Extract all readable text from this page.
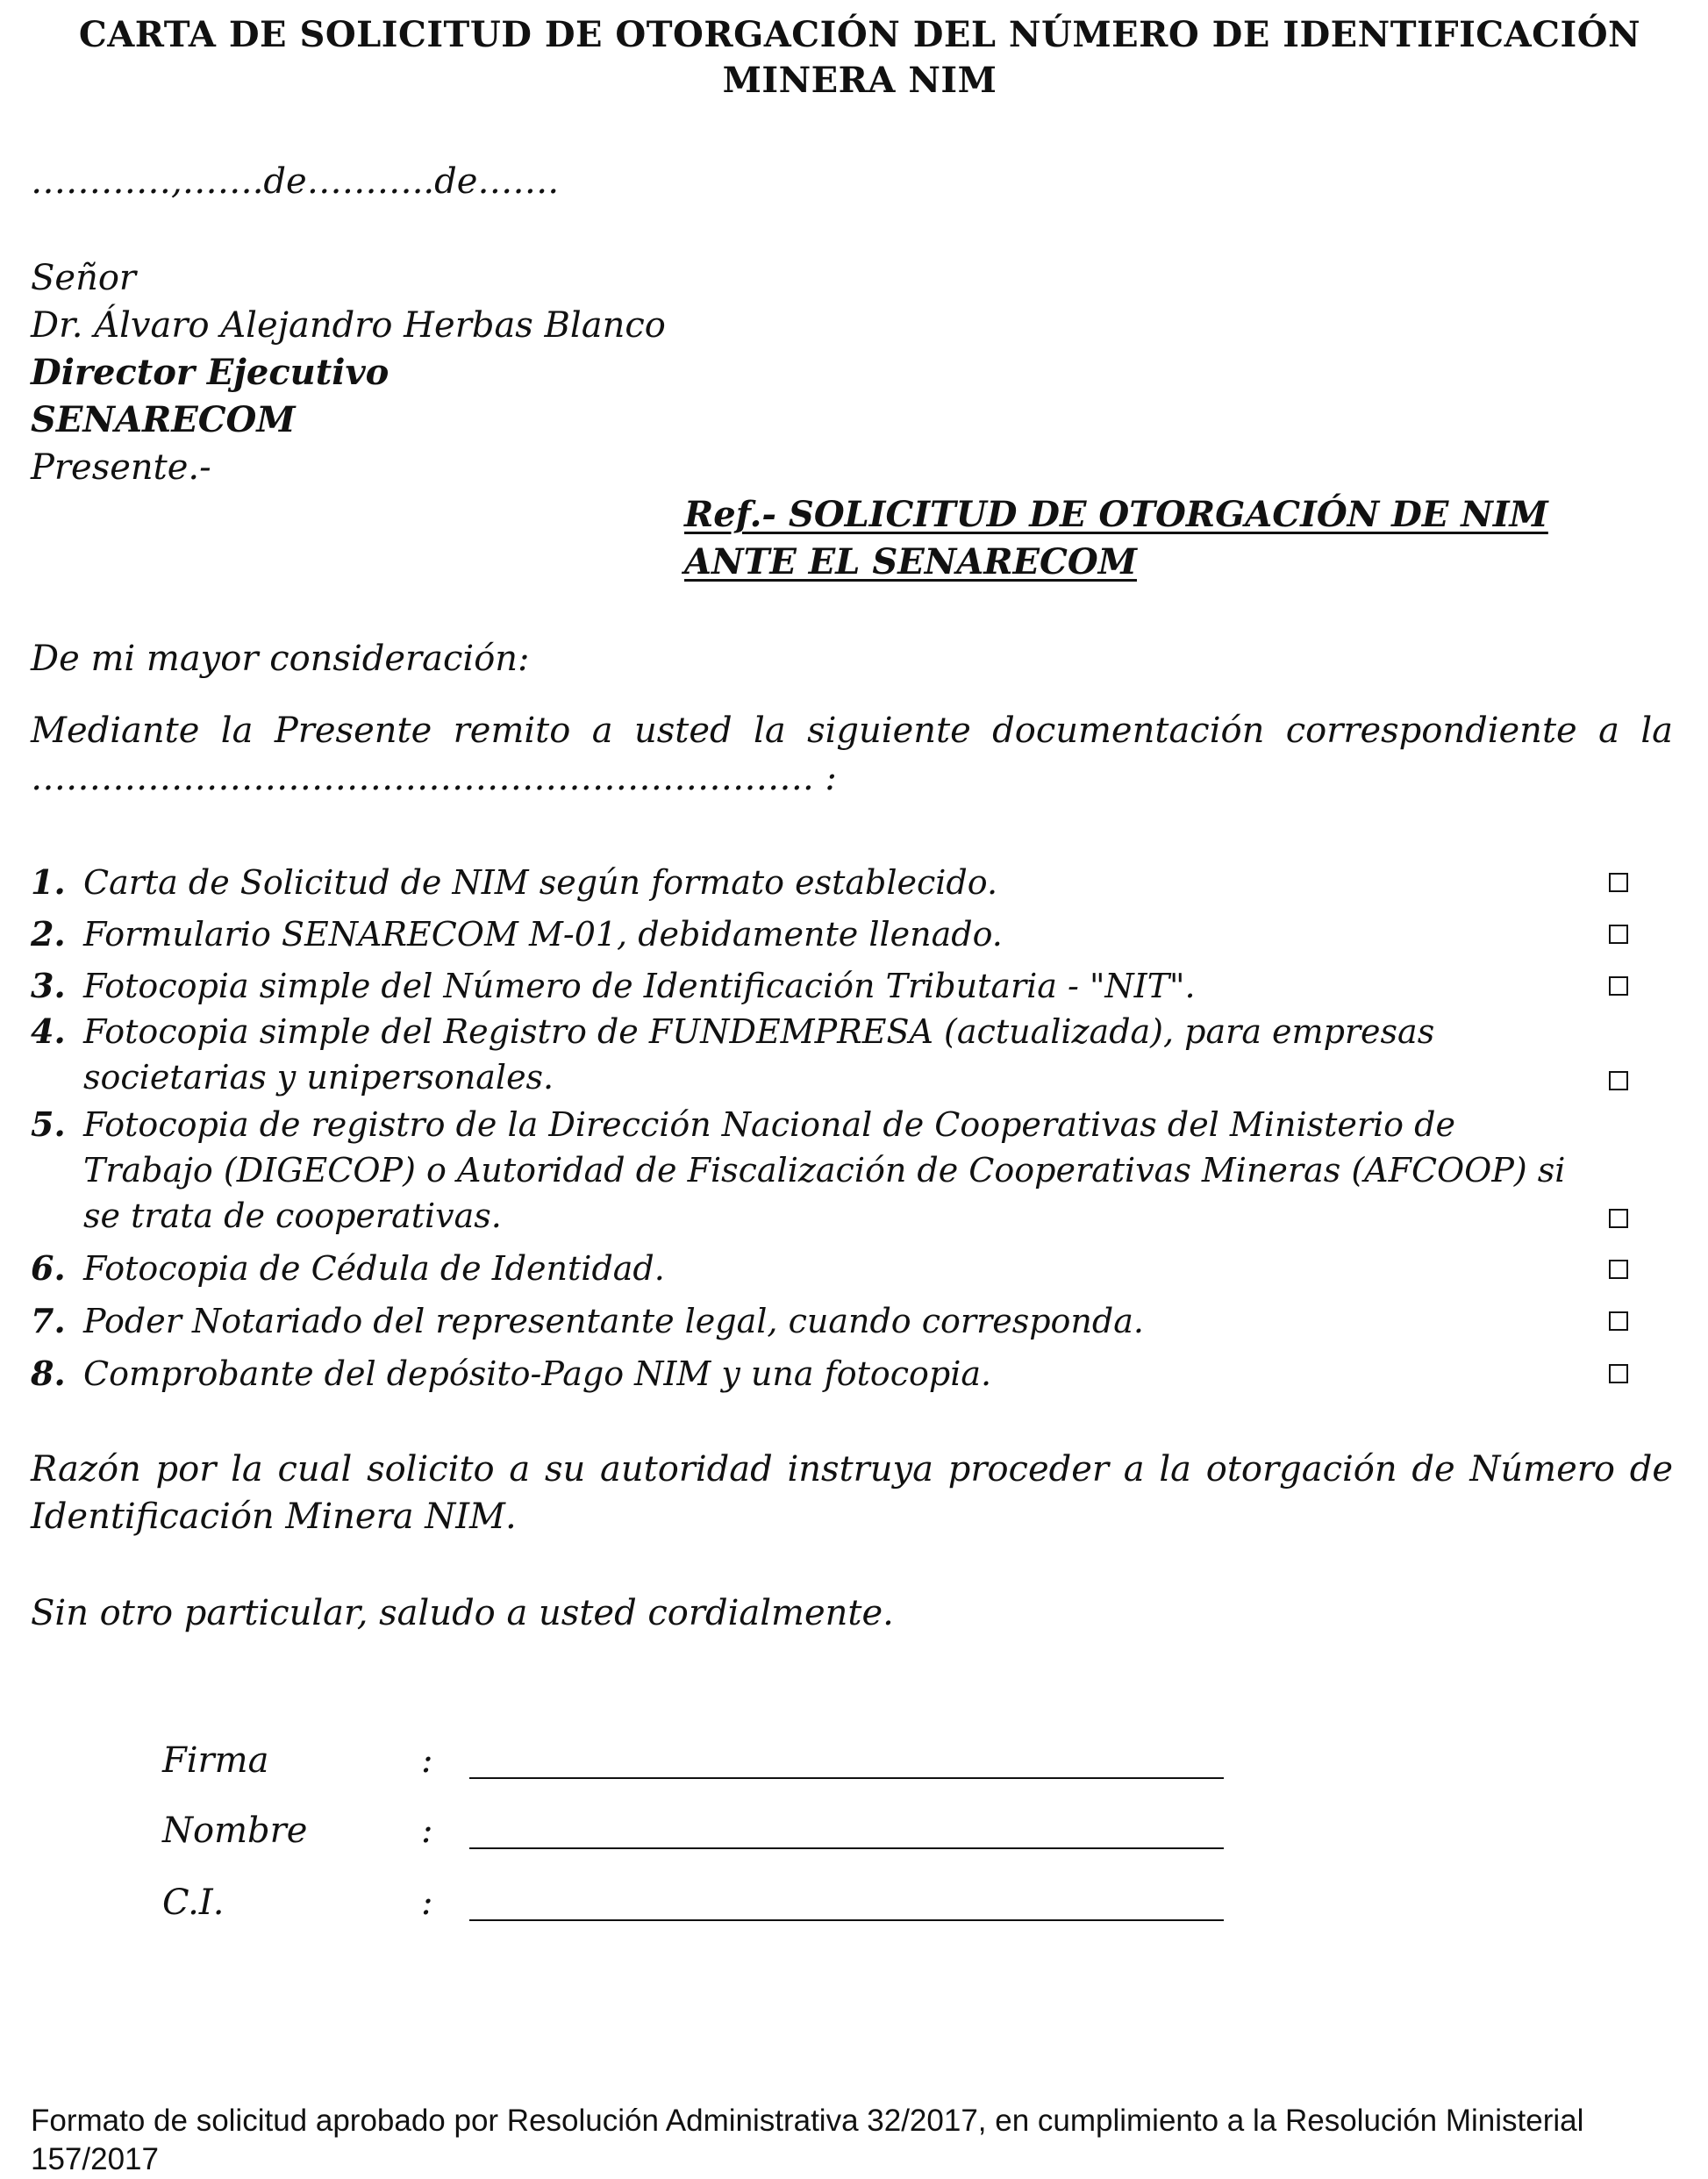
CARTA DE SOLICITUD DE OTORGACIÓN DEL NÚMERO DE IDENTIFICACIÓN
MINERA NIM
…………,…….de………..de…….
Señor
Dr. Álvaro Alejandro Herbas Blanco
Director Ejecutivo
SENARECOM
Presente.-
Ref.- SOLICITUD DE OTORGACIÓN DE NIM
ANTE EL SENARECOM
De mi mayor consideración:
Mediante la Presente remito a usted la siguiente documentación correspondiente a la …………………………………………………………. :
1. Carta de Solicitud de NIM según formato establecido.
2. Formulario SENARECOM M-01, debidamente llenado.
3. Fotocopia simple del Número de Identificación Tributaria - "NIT".
4. Fotocopia simple del Registro de FUNDEMPRESA (actualizada), para empresas societarias y unipersonales.
5. Fotocopia de registro de la Dirección Nacional de Cooperativas del Ministerio de Trabajo (DIGECOP) o Autoridad de Fiscalización de Cooperativas Mineras (AFCOOP) si se trata de cooperativas.
6. Fotocopia de Cédula de Identidad.
7. Poder Notariado del representante legal, cuando corresponda.
8. Comprobante del depósito-Pago NIM y una fotocopia.
Razón por la cual solicito a su autoridad instruya proceder a la otorgación de Número de Identificación Minera NIM.
Sin otro particular, saludo a usted cordialmente.
Firma	:
Nombre	:
C.I.	:
Formato de solicitud aprobado por Resolución Administrativa 32/2017, en cumplimiento a la Resolución Ministerial 157/2017
